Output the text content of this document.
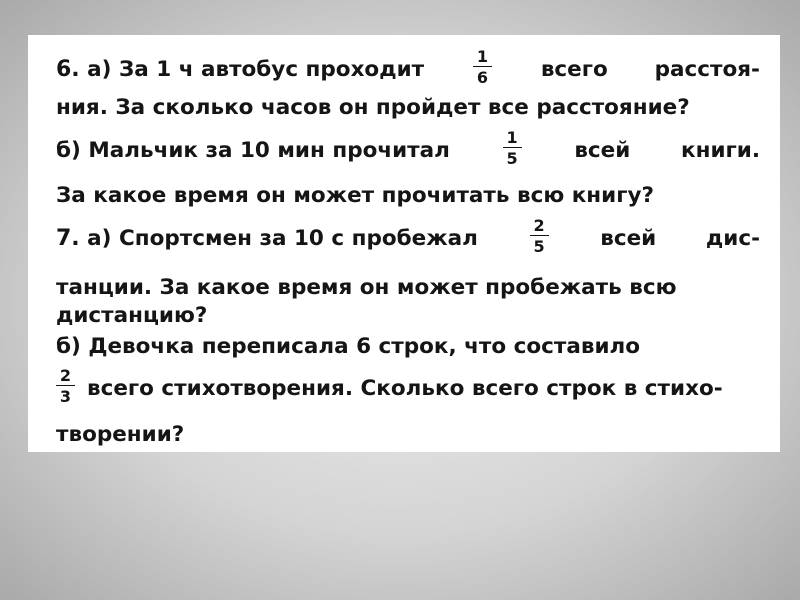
6. а) За 1 ч автобус проходит	$\frac{1}{6}$ всего расстоя-
ния. За сколько часов он пройдет все расстояние?
б) Мальчик за 10 мин прочитал	$\frac{1}{5}$ всей книги.
За какое время он может прочитать всю книгу?
7. а) Спортсмен за 10 с пробежал	$\frac{2}{5}$ всей дис-
танции. За какое время он может пробежать всю
дистанцию?
б) Девочка переписала 6 строк, что составило
$\frac{2}{3}$ всего стихотворения. Сколько всего строк в стихо-
творении?
